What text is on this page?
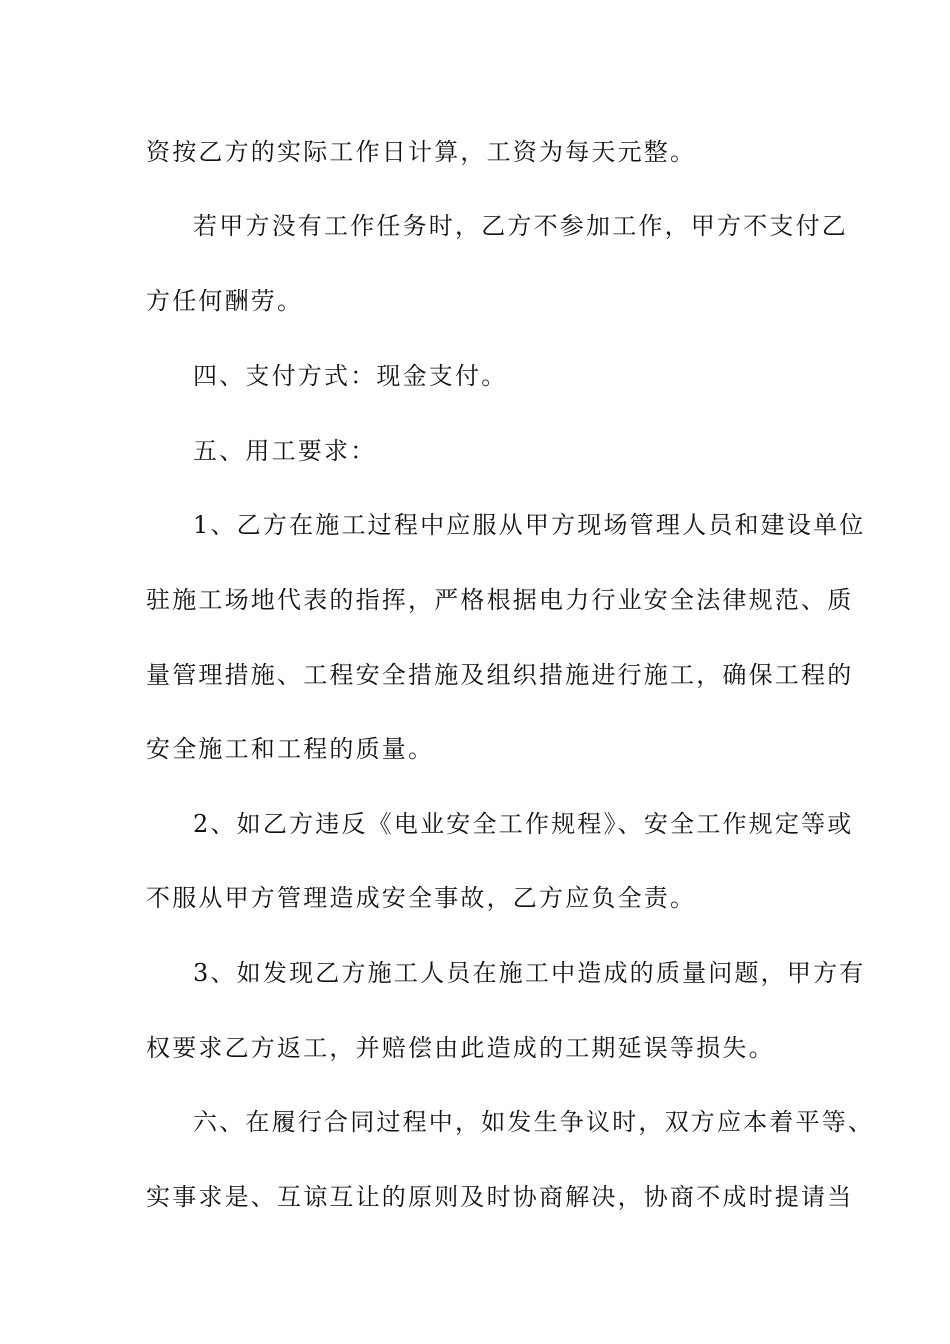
资按乙方的实际工作日计算，工资为每天元整。
若甲方没有工作任务时，乙方不参加工作，甲方不支付乙
方任何酬劳。
四、支付方式：现金支付。
五、用工要求：
1、乙方在施工过程中应服从甲方现场管理人员和建设单位
驻施工场地代表的指挥，严格根据电力行业安全法律规范、质
量管理措施、工程安全措施及组织措施进行施工，确保工程的
安全施工和工程的质量。
2、如乙方违反《电业安全工作规程》、安全工作规定等或
不服从甲方管理造成安全事故，乙方应负全责。
3、如发现乙方施工人员在施工中造成的质量问题，甲方有
权要求乙方返工，并赔偿由此造成的工期延误等损失。
六、在履行合同过程中，如发生争议时，双方应本着平等、
实事求是、互谅互让的原则及时协商解决，协商不成时提请当
